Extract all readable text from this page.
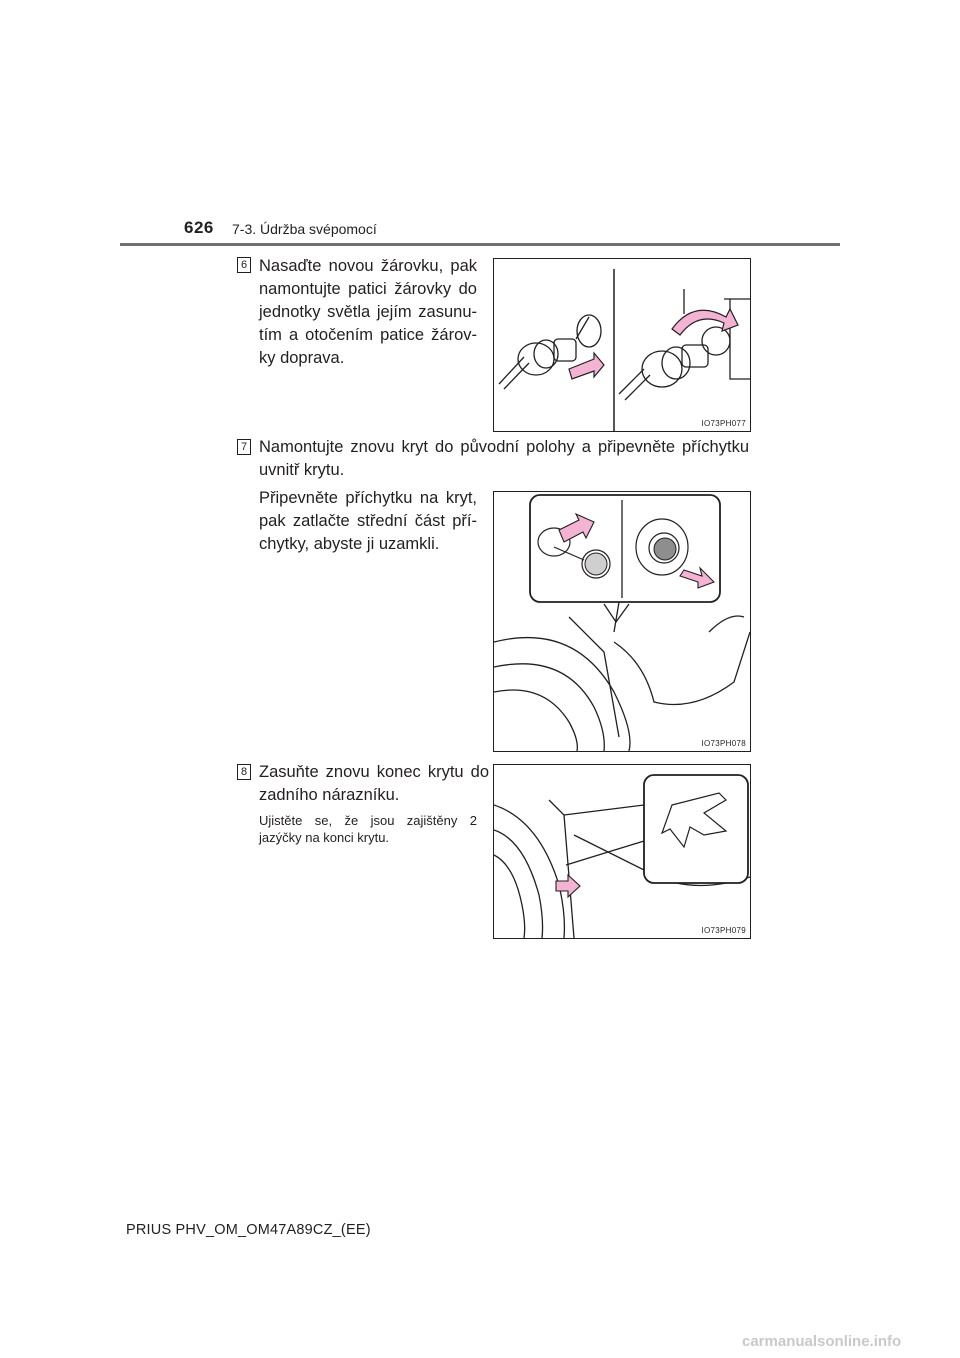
626 7-3. Údržba svépomocí
6 Nasaďte novou žárovku, pak namontujte patici žárovky do jednotky světla jejím zasunu-tím a otočením patice žárov-ky doprava.
IO73PH077
7 Namontujte znovu kryt do původní polohy a připevněte příchytku uvnitř krytu.
Připevněte příchytku na kryt, pak zatlačte střední část pří-chytky, abyste ji uzamkli.
IO73PH078
8 Zasuňte znovu konec krytu do zadního nárazníku.
Ujistěte se, že jsou zajištěny 2 jazýčky na konci krytu.
IO73PH079
PRIUS PHV_OM_OM47A89CZ_(EE)
carmanualsonline.info
